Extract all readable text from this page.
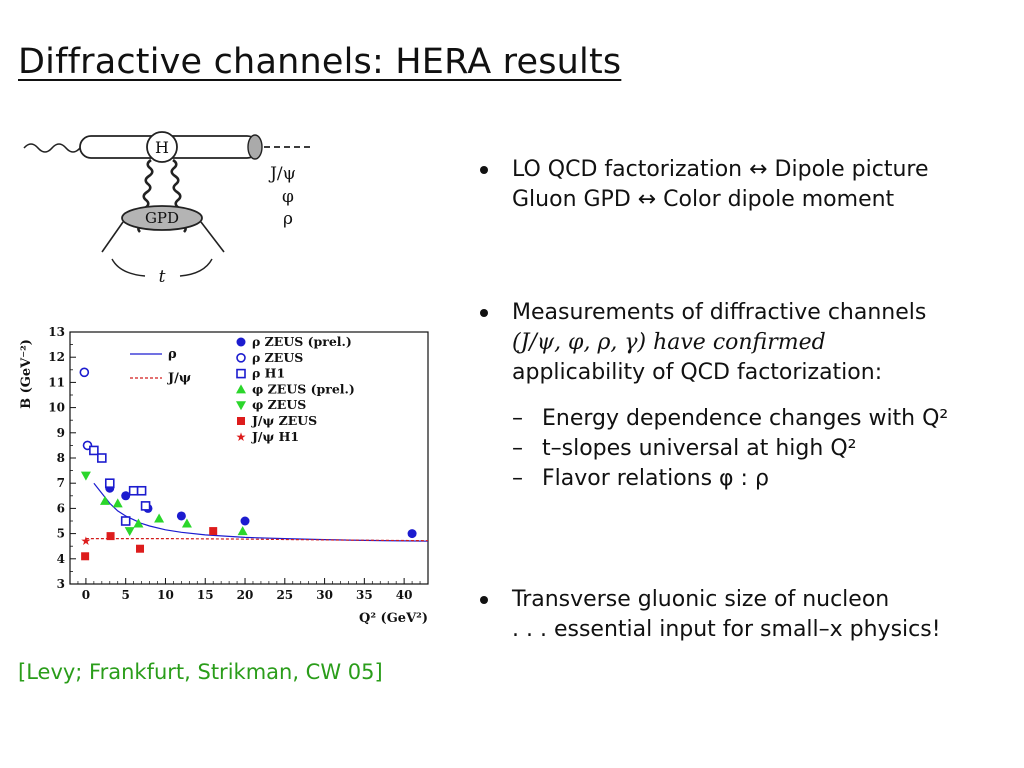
Diffractive channels: HERA results
H
GPD
t
J/ψ
φ
ρ
3
4
5
6
7
8
9
10
11
12
13
0	5 10 15 20 25 30 35 40
★
★
ρ
J/ψ
ρ ZEUS (prel.)
ρ ZEUS
ρ H1
φ ZEUS (prel.)
φ ZEUS
J/ψ ZEUS
J/ψ H1
B (GeV⁻²)
Q² (GeV²)
LO QCD factorization ↔ Dipole picture
Gluon GPD ↔ Color dipole moment
Measurements of diffractive channels
(J/ψ, φ, ρ, γ) have confirmed
applicability of QCD factorization:
– Energy dependence changes with Q²
– t–slopes universal at high Q²
– Flavor relations φ : ρ
Transverse gluonic size of nucleon
. . . essential input for small–x physics!
[Levy; Frankfurt, Strikman, CW 05]
